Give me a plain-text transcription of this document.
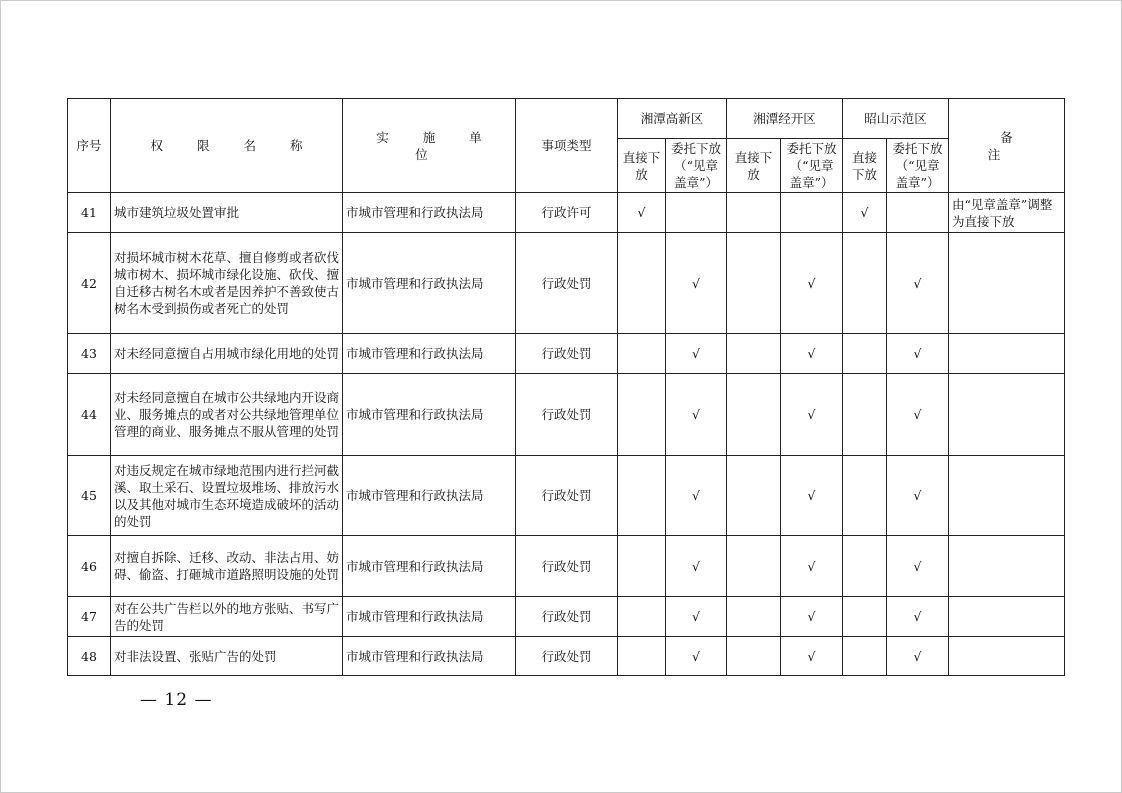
序号	权 限 名 称	实 施 单 位	事项类型	湘潭高新区		湘潭经开区		昭山示范区		备 注
				直接下放	委托下放（“见章盖章”）	直接下放	委托下放（“见章盖章”）	直接下放	委托下放（“见章盖章”）	
41	城市建筑垃圾处置审批	市城市管理和行政执法局	行政许可	√				√		由“见章盖章”调整为直接下放
42	对损坏城市树木花草、擅自修剪或者砍伐城市树木、损坏城市绿化设施、砍伐、擅自迁移古树名木或者是因养护不善致使古树名木受到损伤或者死亡的处罚	市城市管理和行政执法局	行政处罚		√		√		√	
43	对未经同意擅自占用城市绿化用地的处罚	市城市管理和行政执法局	行政处罚		√		√		√	
44	对未经同意擅自在城市公共绿地内开设商业、服务摊点的或者对公共绿地管理单位管理的商业、服务摊点不服从管理的处罚	市城市管理和行政执法局	行政处罚		√		√		√	
45	对违反规定在城市绿地范围内进行拦河截溪、取土采石、设置垃圾堆场、排放污水以及其他对城市生态环境造成破坏的活动的处罚	市城市管理和行政执法局	行政处罚		√		√		√	
46	对擅自拆除、迁移、改动、非法占用、妨碍、偷盗、打砸城市道路照明设施的处罚	市城市管理和行政执法局	行政处罚		√		√		√	
47	对在公共广告栏以外的地方张贴、书写广告的处罚	市城市管理和行政执法局	行政处罚		√		√		√	
48	对非法设置、张贴广告的处罚	市城市管理和行政执法局	行政处罚		√		√		√	
— 12 —
